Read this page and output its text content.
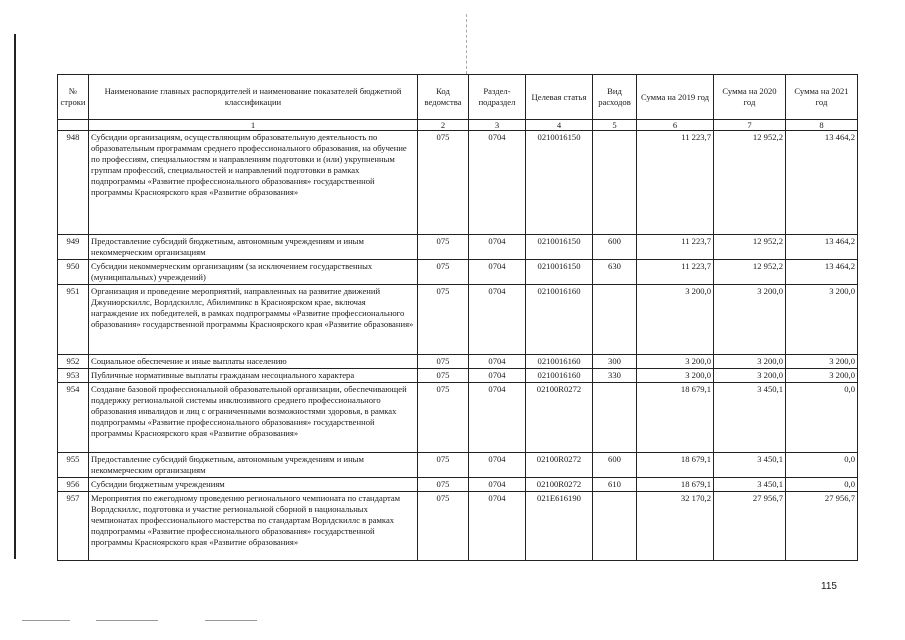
№ строки	Наименование главных распорядителей и наименование показателей бюджетной классификации	Код ведомства	Раздел-подраздел	Целевая статья	Вид расходов	Сумма на 2019 год	Сумма на 2020 год	Сумма на 2021 год
	1	2	3	4	5	6	7	8
948	Субсидии организациям, осуществляющим образовательную деятельность по образовательным программам среднего профессионального образования, на обучение по профессиям, специальностям и направлениям подготовки и (или) укрупненным группам профессий, специальностей и направлений подготовки в рамках подпрограммы «Развитие профессионального образования» государственной программы Красноярского края «Развитие образования»	075	0704	0210016150		11 223,7	12 952,2	13 464,2
949	Предоставление субсидий бюджетным, автономным учреждениям и иным некоммерческим организациям	075	0704	0210016150	600	11 223,7	12 952,2	13 464,2
950	Субсидии некоммерческим организациям (за исключением государственных (муниципальных) учреждений)	075	0704	0210016150	630	11 223,7	12 952,2	13 464,2
951	Организация и проведение мероприятий, направленных на развитие движений Джуниорскиллс, Ворлдскиллс, Абилимпикс в Красноярском крае, включая награждение их победителей, в рамках подпрограммы «Развитие профессионального образования» государственной программы Красноярского края «Развитие образования»	075	0704	0210016160		3 200,0	3 200,0	3 200,0
952	Социальное обеспечение и иные выплаты населению	075	0704	0210016160	300	3 200,0	3 200,0	3 200,0
953	Публичные нормативные выплаты гражданам несоциального характера	075	0704	0210016160	330	3 200,0	3 200,0	3 200,0
954	Создание базовой профессиональной образовательной организации, обеспечивающей поддержку региональной системы инклюзивного среднего профессионального образования инвалидов и лиц с ограниченными возможностями здоровья, в рамках подпрограммы «Развитие профессионального образования» государственной программы Красноярского края «Развитие образования»	075	0704	02100R0272		18 679,1	3 450,1	0,0
955	Предоставление субсидий бюджетным, автономным учреждениям и иным некоммерческим организациям	075	0704	02100R0272	600	18 679,1	3 450,1	0,0
956	Субсидии бюджетным учреждениям	075	0704	02100R0272	610	18 679,1	3 450,1	0,0
957	Мероприятия по ежегодному проведению регионального чемпионата по стандартам Ворлдскиллс, подготовка и участие региональной сборной в национальных чемпионатах профессионального мастерства по стандартам Ворлдскиллс в рамках подпрограммы «Развитие профессионального образования» государственной программы Красноярского края «Развитие образования»	075	0704	021E616190		32 170,2	27 956,7	27 956,7
115
